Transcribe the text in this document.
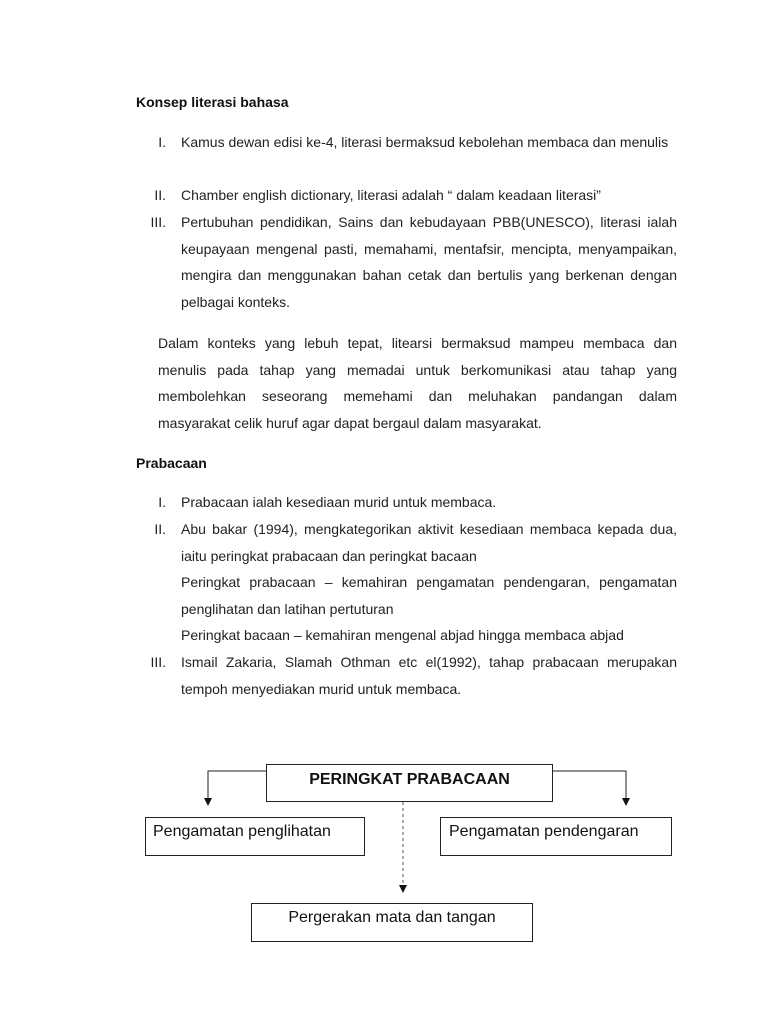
Konsep literasi bahasa
I. Kamus dewan edisi ke-4, literasi bermaksud kebolehan membaca dan menulis
II. Chamber english dictionary, literasi adalah “ dalam keadaan literasi”
III. Pertubuhan pendidikan, Sains dan kebudayaan PBB(UNESCO), literasi ialah keupayaan mengenal pasti, memahami, mentafsir, mencipta, menyampaikan, mengira dan menggunakan bahan cetak dan bertulis yang berkenan dengan pelbagai konteks.
Dalam konteks yang lebuh tepat, litearsi bermaksud mampeu membaca dan menulis pada tahap yang memadai untuk berkomunikasi atau tahap yang membolehkan seseorang memehami dan meluhakan pandangan dalam masyarakat celik huruf agar dapat bergaul dalam masyarakat.
Prabacaan
I. Prabacaan ialah kesediaan murid untuk membaca.
II. Abu bakar (1994), mengkategorikan aktivit kesediaan membaca kepada dua, iaitu peringkat prabacaan dan peringkat bacaan
Peringkat prabacaan – kemahiran pengamatan pendengaran, pengamatan penglihatan dan latihan pertuturan
Peringkat bacaan – kemahiran mengenal abjad hingga membaca abjad
III. Ismail Zakaria, Slamah Othman etc el(1992), tahap prabacaan merupakan tempoh menyediakan murid untuk membaca.
PERINGKAT PRABACAAN
Pengamatan penglihatan	Pengamatan pendengaran
Pergerakan mata dan tangan
